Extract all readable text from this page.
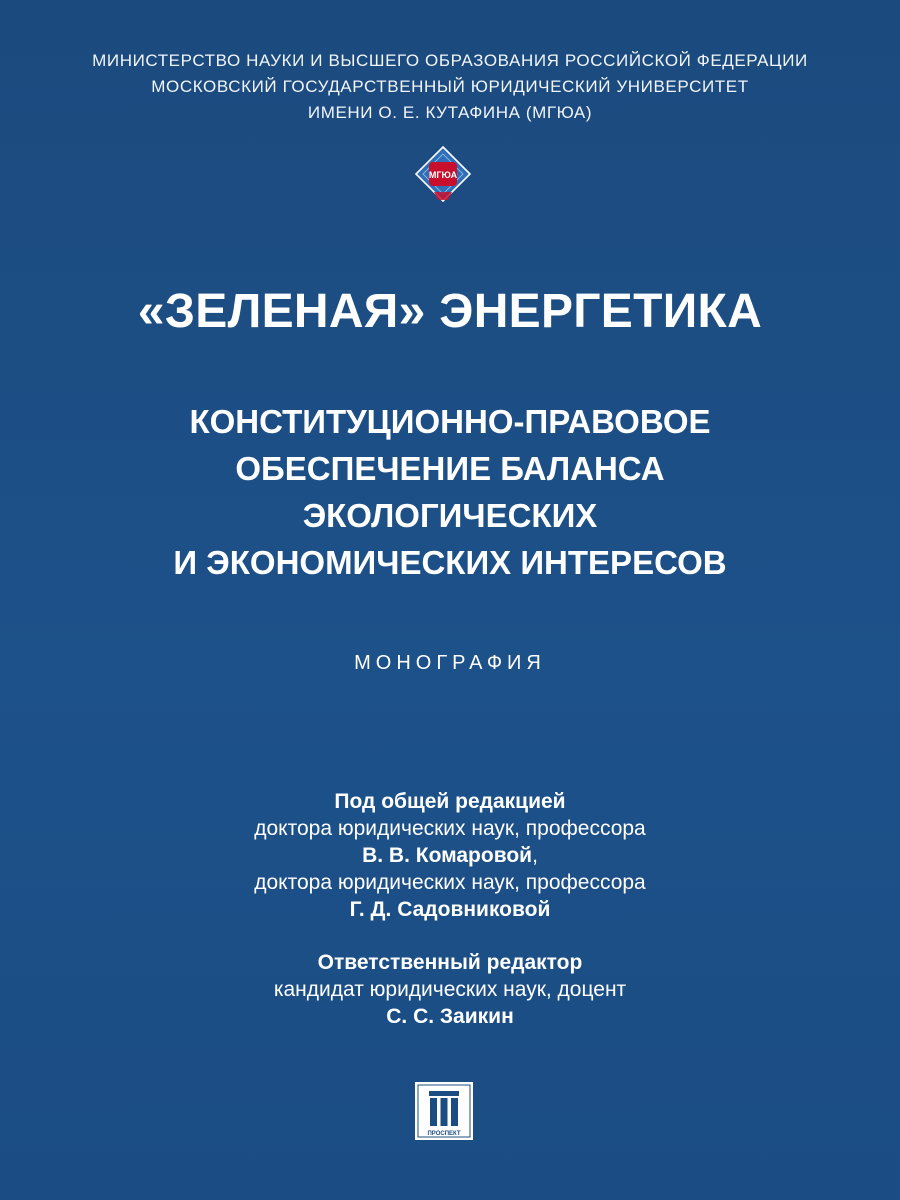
МИНИСТЕРСТВО НАУКИ И ВЫСШЕГО ОБРАЗОВАНИЯ РОССИЙСКОЙ ФЕДЕРАЦИИ
МОСКОВСКИЙ ГОСУДАРСТВЕННЫЙ ЮРИДИЧЕСКИЙ УНИВЕРСИТЕТ
ИМЕНИ О. Е. КУТАФИНА (МГЮА)
МГЮА
«ЗЕЛЕНАЯ» ЭНЕРГЕТИКА
КОНСТИТУЦИОННО-ПРАВОВОЕ
ОБЕСПЕЧЕНИЕ БАЛАНСА
ЭКОЛОГИЧЕСКИХ
И ЭКОНОМИЧЕСКИХ ИНТЕРЕСОВ
МОНОГРАФИЯ
Под общей редакцией
доктора юридических наук, профессора
В. В. Комаровой,
доктора юридических наук, профессора
Г. Д. Садовниковой
Ответственный редактор
кандидат юридических наук, доцент
С. С. Заикин
ПРОСПЕКТ
